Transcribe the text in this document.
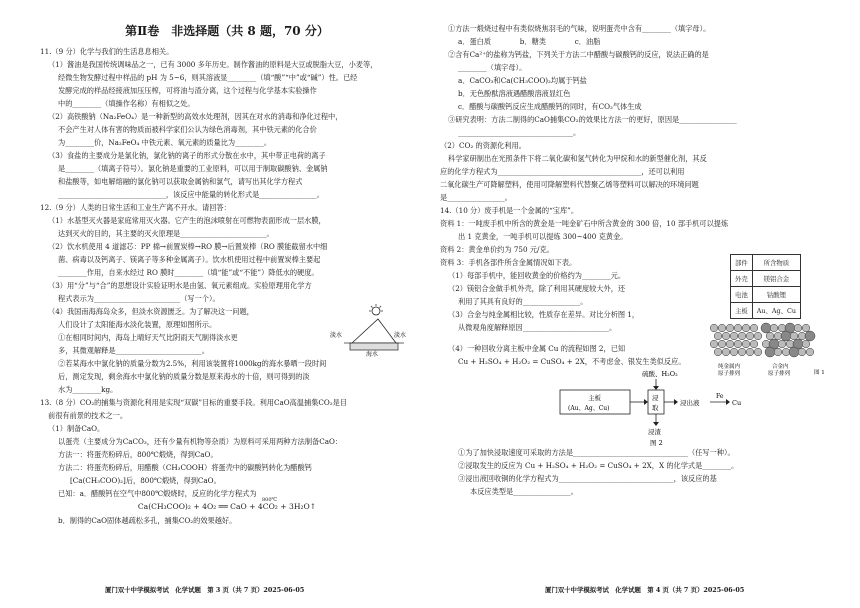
第Ⅱ卷　非选择题（共 8 题，70 分）

11.（9 分）化学与我们的生活息息相关。

（1）酱油是我国传统调味品之一，已有 3000 多年历史。制作酱油的原料是大豆或脱脂大豆，小麦等，

经微生物发酵过程中样品的 pH 为 5~6，则其溶液显________（填“酸”“中”或“碱”）性。已经

发酵完成的样品经接液加压压榨，可将油与渣分离，这个过程与化学基本实验操作

中的________（填操作名称）有相似之处。

（2）高铁酸钠（Na₂FeO₄）是一种新型的高效水处理剂，因其在对水的消毒和净化过程中，

不会产生对人体有害的物质而被科学家们公认为绿色消毒剂，其中铁元素的化合价

为________价，Na₂FeO₄ 中铁元素、氧元素的质量比为________。

（3）食盐的主要成分是氯化钠，氯化钠的离子的形式分散在水中，其中带正电荷的离子

是________（填离子符号）。氯化钠是重要的工业原料，可以用于制取碳酸钠、金属钠

和盐酸等，如电解熔融的氯化钠可以获取金属钠和氯气，请写出其化学方程式

______________________________，该反应中能量的转化形式是________________。

12.（9 分）人类的日常生活和工业生产离不开水。请回答：

（1）水基型灭火器是家庭常用灭火器。它产生的泡沫喷射在可燃物表面形成一层水膜，

达到灭火的目的，其主要的灭火原理是________________________。

（2）饮水机使用 4 道滤芯：PP 棉→前置炭棒→RO 膜→后置炭棒（RO 膜能截留水中细

菌、病毒以及钙离子、镁离子等多种金属离子）。饮水机使用过程中前置炭棒主要起

________作用，自来水经过 RO 膜时________（填“能”或“不能”）降低水的硬度。

（3）用“分”与“合”的思想设计实验证明水是由氢、氧元素组成。实验原理用化学方

程式表示为________________________（写一个）。

（4）我国南海海岛众多，但淡水资源匮乏。为了解决这一问题，

人们设计了太阳能海水淡化装置，原理如图所示。

①在相同时间内，海岛上晴好天气比阴雨天气制得淡水更

多，其微观解释是________________________。

②若某海水中氯化钠的质量分数为2.5%，利用该装置将1000kg的海水暴晒一段时间

后，测定发现，剩余海水中氯化钠的质量分数是原来海水的十倍，则可得到的淡

水为________kg。

淡水	淡水
海水

13.（8 分）CO₂的捕集与资源化利用是实现“双碳”目标的重要手段。利用CaO高温捕集CO₂是目

前很有前景的技术之一。

（1）制备CaO。

以蛋壳（主要成分为CaCO₃，还有少量有机物等杂质）为原料可采用两种方法制备CaO：

方法一：将蛋壳粉碎后，800℃煅烧，得到CaO。

方法二：将蛋壳粉碎后，用醋酸（CH₃COOH）将蛋壳中的碳酸钙转化为醋酸钙

[Ca(CH₃COO)₂]后，800℃煅烧，得到CaO。

已知：a．醋酸钙在空气中800℃煅烧时，反应的化学方程式为

800℃

Ca(CH₃COO)₂ + 4O₂ ══ CaO + 4CO₂ + 3H₂O↑

b．制得的CaO固体越疏松多孔，捕集CO₂的效果越好。

厦门双十中学模拟考试　化学试题　第 3 页（共 7 页）2025-06-05

①方法一煅烧过程中有类似烧焦羽毛的气味，说明蛋壳中含有________（填字母）。

a．蛋白质　　　　b．糖类　　　　c．油脂

②含有Ca²⁺的盐称为钙盐，下列关于方法二中醋酸与碳酸钙的反应，说法正确的是

________（填字母）。

a．CaCO₃和Ca(CH₃COO)₂均属于钙盐

b．无色酚酞溶液遇醋酸溶液显红色

c．醋酸与碳酸钙反应生成醋酸钙的同时，有CO₂气体生成

③研究表明：方法二制得的CaO捕集CO₂的效果比方法一的更好，原因是________________

________________________________。

（2）CO₂ 的资源化利用。

科学家研制出在光照条件下将二氧化碳和氢气转化为甲烷和水的新型催化剂，其反

应的化学方程式为________________________________________，还可以利用

二氧化碳生产可降解塑料，使用可降解塑料代替聚乙烯等塑料可以解决的环境问题

是________________。

14.（10 分）废手机是一个金属的“宝库”。

资料 1：一吨废手机中所含的黄金是一吨金矿石中所含黄金的 300 倍，10 部手机可以提炼

出 1 克黄金，一吨手机可以提炼 300~400 克黄金。

资料 2：黄金单价约为 750 元/克。

资料 3：手机各部件所含金属情况如下表。

（1）每部手机中，能回收黄金的价格约为________元。

（2）镁铝合金做手机外壳，除了利用其硬度较大外，还

利用了其具有良好的________________。

（3）合金与纯金属相比较，性质存在差异。对比分析图 1，

从微观角度解释原因________________________。

（4）一种回收分离主板中金属 Cu 的流程如图 2，已知

Cu + H₂SO₄ + H₂O₂ = CuSO₄ + 2X，不考虑金、银发生类似反应。

硫酸、H₂O₂
主板
(Au、Ag、Cu)
浸
取
浸出液
Fe
Cu
浸渣
图 2

①为了加快浸取速度可采取的方法是________________________________（任写一种）。

②浸取发生的反应为 Cu + H₂SO₄ + H₂O₂ = CuSO₄ + 2X，X 的化学式是________。

③浸出液回收铜的化学方程式为________________________________，该反应的基

本反应类型是________________。

部件	所含物质
外壳	镁铝合金
电池	钴酸锂
主板	Au、Ag、Cu
纯金属内
原子排列
合金内
原子排列	图 1
厦门双十中学模拟考试　化学试题　第 4 页（共 7 页）2025-06-05
